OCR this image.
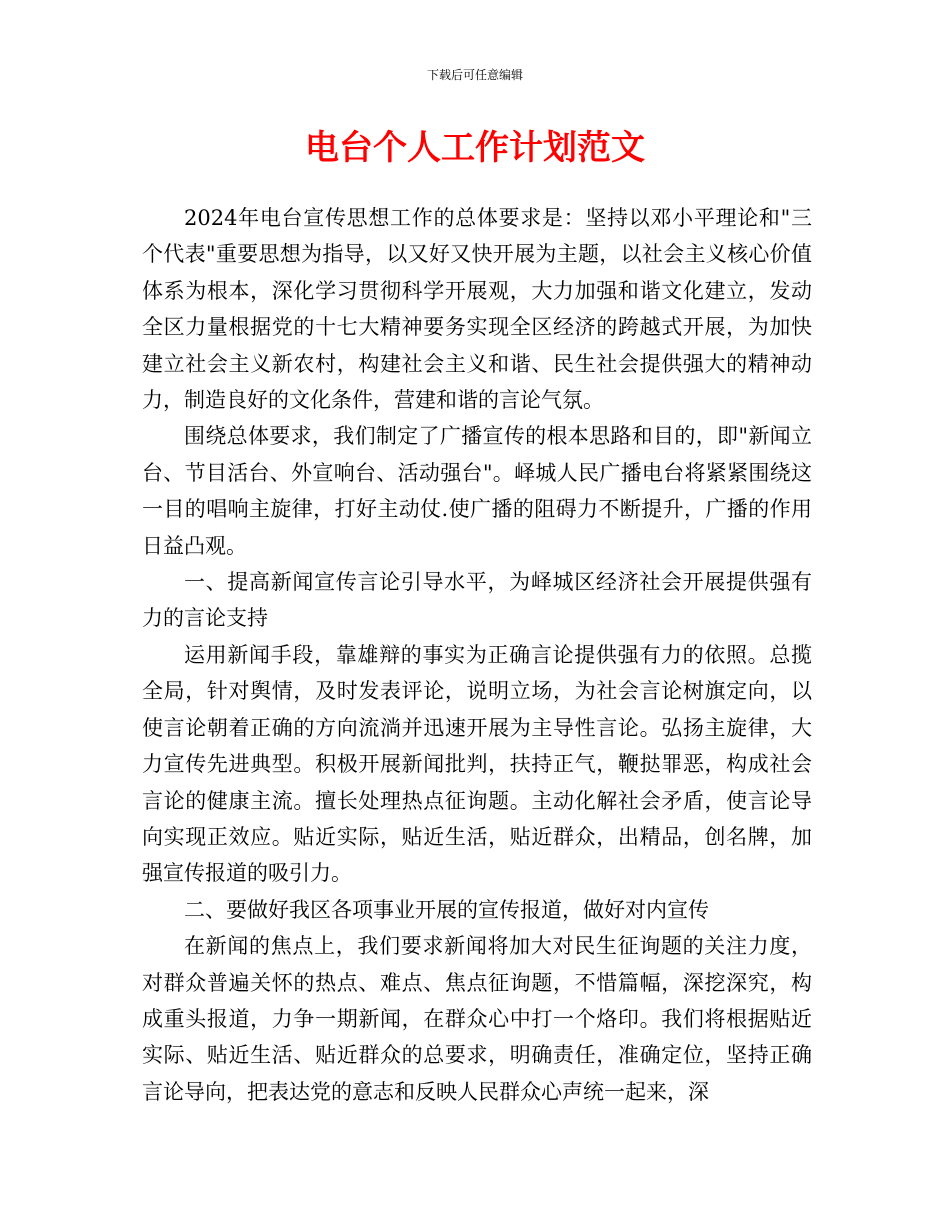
下载后可任意编辑
电台个人工作计划范文

2024年电台宣传思想工作的总体要求是：坚持以邓小平理论和"三个代表"重要思想为指导，以又好又快开展为主题，以社会主义核心价值体系为根本，深化学习贯彻科学开展观，大力加强和谐文化建立，发动全区力量根据党的十七大精神要务实现全区经济的跨越式开展，为加快建立社会主义新农村，构建社会主义和谐、民生社会提供强大的精神动力，制造良好的文化条件，营建和谐的言论气氛。

围绕总体要求，我们制定了广播宣传的根本思路和目的，即"新闻立台、节目活台、外宣响台、活动强台"。峄城人民广播电台将紧紧围绕这一目的唱响主旋律，打好主动仗.使广播的阻碍力不断提升，广播的作用日益凸观。

一、提高新闻宣传言论引导水平，为峄城区经济社会开展提供强有力的言论支持

运用新闻手段，靠雄辩的事实为正确言论提供强有力的依照。总揽全局，针对舆情，及时发表评论，说明立场，为社会言论树旗定向，以使言论朝着正确的方向流淌并迅速开展为主导性言论。弘扬主旋律，大力宣传先进典型。积极开展新闻批判，扶持正气，鞭挞罪恶，构成社会言论的健康主流。擅长处理热点征询题。主动化解社会矛盾，使言论导向实现正效应。贴近实际，贴近生活，贴近群众，出精品，创名牌，加强宣传报道的吸引力。

二、要做好我区各项事业开展的宣传报道，做好对内宣传

在新闻的焦点上，我们要求新闻将加大对民生征询题的关注力度，对群众普遍关怀的热点、难点、焦点征询题，不惜篇幅，深挖深究，构成重头报道，力争一期新闻，在群众心中打一个烙印。我们将根据贴近实际、贴近生活、贴近群众的总要求，明确责任，准确定位，坚持正确言论导向，把表达党的意志和反映人民群众心声统一起来，深
